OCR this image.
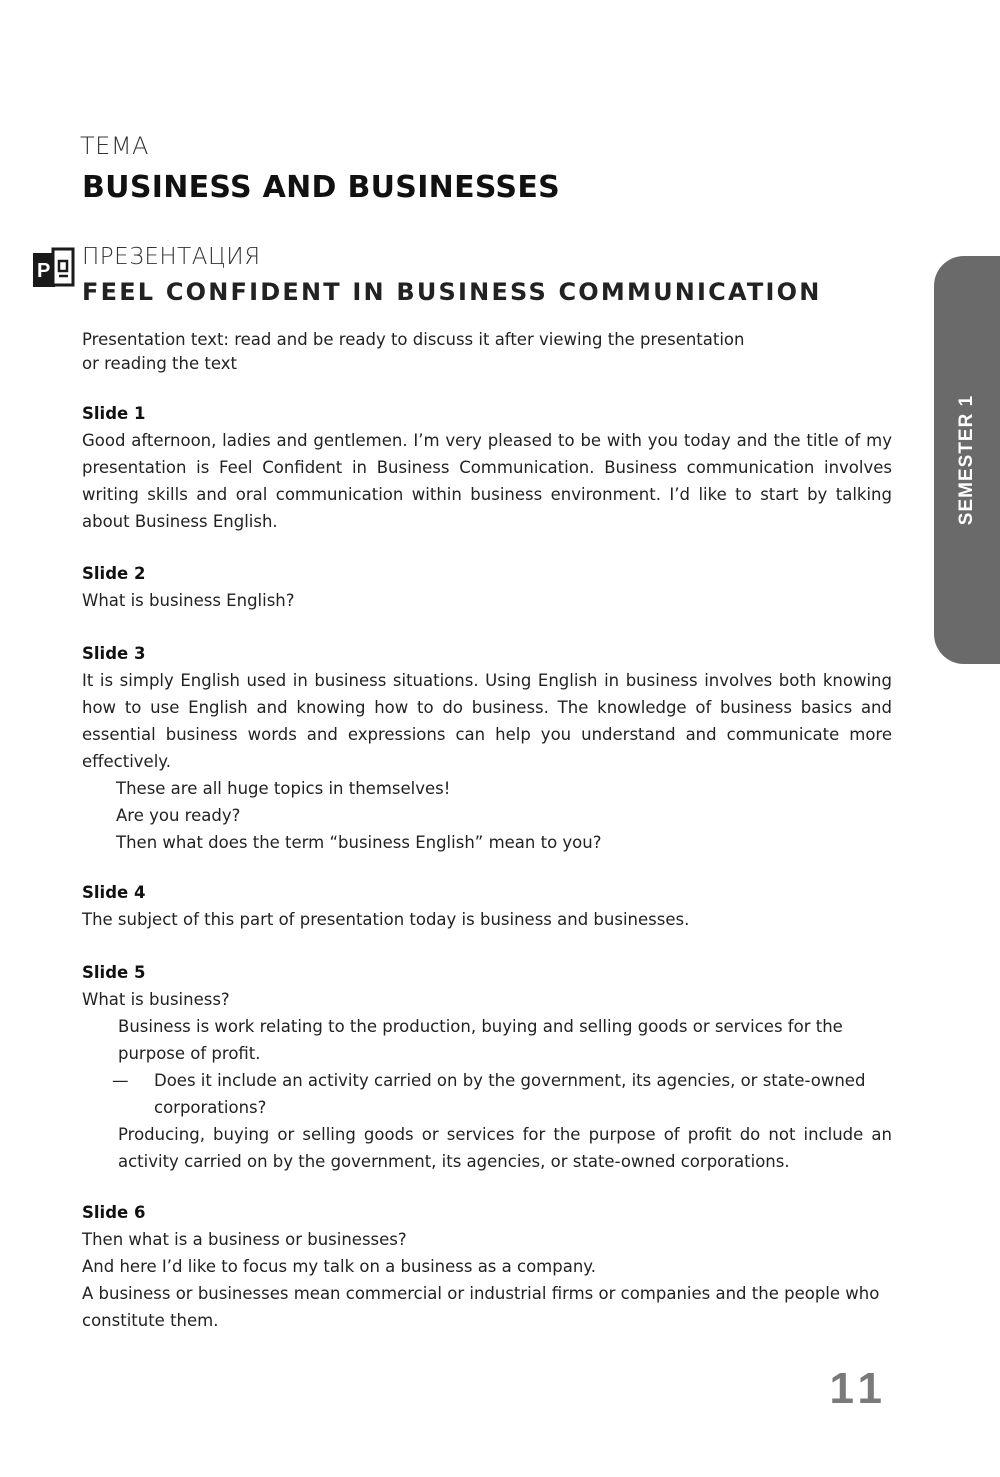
ТЕМА
BUSINESS AND BUSINESSES
P
ПРЕЗЕНТАЦИЯ
FEEL CONFIDENT IN BUSINESS COMMUNICATION
Presentation text: read and be ready to discuss it after viewing the presentation
or reading the text
Slide 1

Good afternoon, ladies and gentlemen. I’m very pleased to be with you today and the title of my presentation is Feel Confident in Business Communication. Business communication involves writing skills and oral communication within business environment. I’d like to start by talking about Business English.

Slide 2

What is business English?

Slide 3

It is simply English used in business situations. Using English in business involves both knowing how to use English and knowing how to do business. The knowledge of business basics and essential business words and expressions can help you understand and communicate more effectively.

These are all huge topics in themselves!

Are you ready?

Then what does the term “business English” mean to you?

Slide 4

The subject of this part of presentation today is business and businesses.

Slide 5

What is business?

Business is work relating to the production, buying and selling goods or services for the purpose of profit.

—	Does it include an activity carried on by the government, its agencies, or state-owned corporations?

Producing, buying or selling goods or services for the purpose of profit do not include an activity carried on by the government, its agencies, or state-owned corporations.

Slide 6

Then what is a business or businesses?

And here I’d like to focus my talk on a business as a company.

A business or businesses mean commercial or industrial firms or companies and the people who constitute them.

SEMESTER 1
11
